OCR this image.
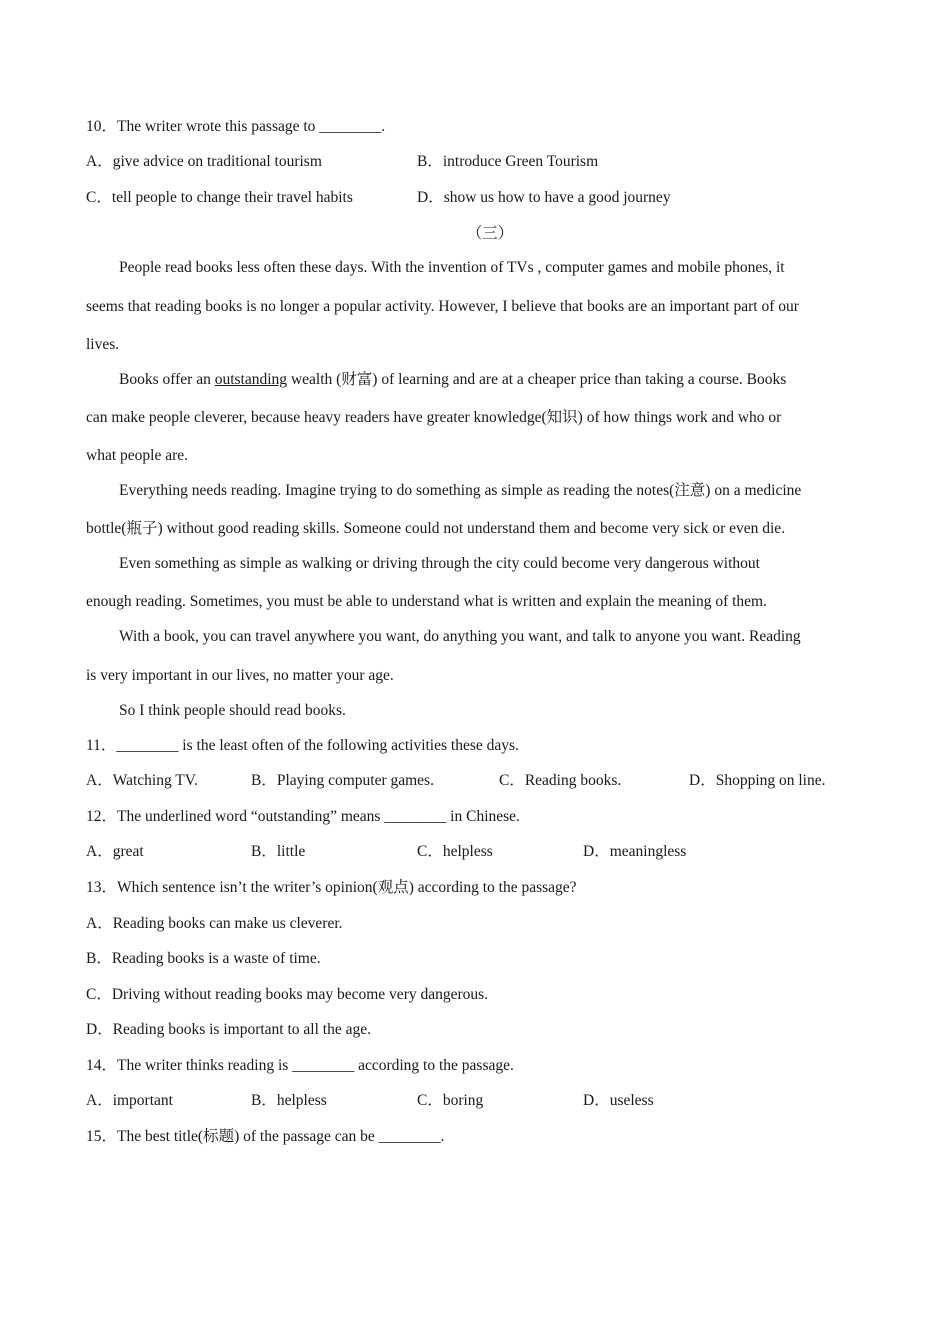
10．The writer wrote this passage to ________.
A．give advice on traditional tourism	B．introduce Green Tourism
C．tell people to change their travel habits	D．show us how to have a good journey
（三）
People read books less often these days. With the invention of TVs , computer games and mobile phones, it
seems that reading books is no longer a popular activity. However, I believe that books are an important part of our
lives.
Books offer an outstanding wealth (财富) of learning and are at a cheaper price than taking a course. Books
can make people cleverer, because heavy readers have greater knowledge(知识) of how things work and who or
what people are.
Everything needs reading. Imagine trying to do something as simple as reading the notes(注意) on a medicine
bottle(瓶子) without good reading skills. Someone could not understand them and become very sick or even die.
Even something as simple as walking or driving through the city could become very dangerous without
enough reading. Sometimes, you must be able to understand what is written and explain the meaning of them.
With a book, you can travel anywhere you want, do anything you want, and talk to anyone you want. Reading
is very important in our lives, no matter your age.
So I think people should read books.
11．________ is the least often of the following activities these days.
A．Watching TV.	B．Playing computer games.	C．Reading books.	D．Shopping on line.
12．The underlined word “outstanding” means ________ in Chinese.
A．great	B．little	C．helpless	D．meaningless
13．Which sentence isn’t the writer’s opinion(观点) according to the passage?
A．Reading books can make us cleverer.
B．Reading books is a waste of time.
C．Driving without reading books may become very dangerous.
D．Reading books is important to all the age.
14．The writer thinks reading is ________ according to the passage.
A．important	B．helpless	C．boring	D．useless
15．The best title(标题) of the passage can be ________.
